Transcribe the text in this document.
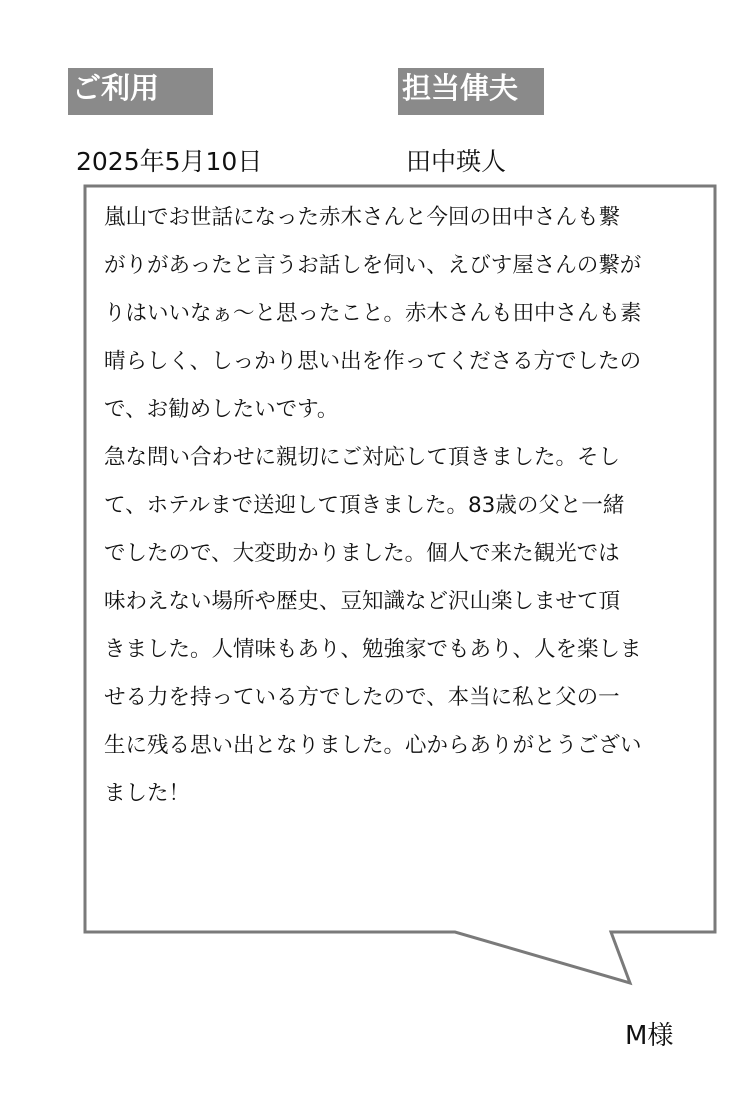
ご利用	担当俥夫
2025年5月10日	田中瑛人

嵐山でお世話になった赤木さんと今回の田中さんも繋
がりがあったと言うお話しを伺い、えびす屋さんの繋が
りはいいなぁ〜と思ったこと。赤木さんも田中さんも素
晴らしく、しっかり思い出を作ってくださる方でしたの
で、お勧めしたいです。

急な問い合わせに親切にご対応して頂きました。そし
て、ホテルまで送迎して頂きました。83歳の父と一緒
でしたので、大変助かりました。個人で来た観光では
味わえない場所や歴史、豆知識など沢山楽しませて頂
きました。人情味もあり、勉強家でもあり、人を楽しま
せる力を持っている方でしたので、本当に私と父の一
生に残る思い出となりました。心からありがとうござい
ました！

M様
